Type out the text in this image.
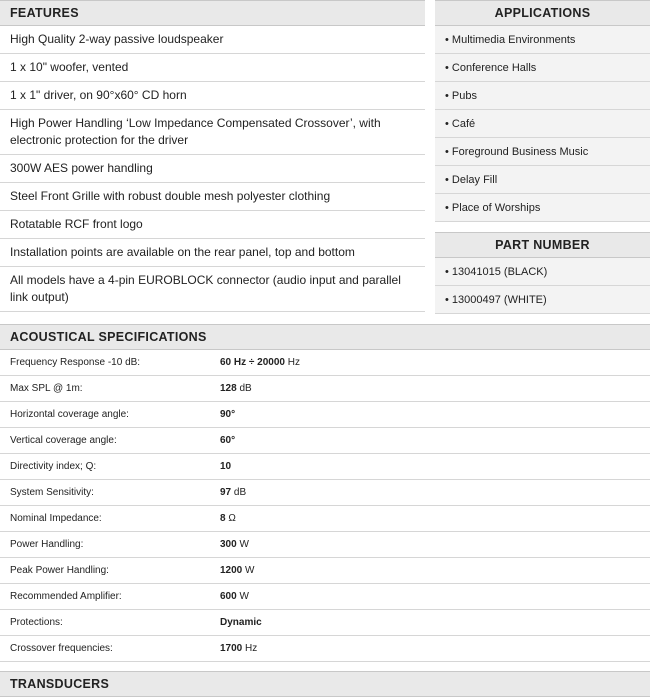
FEATURES
High Quality 2-way passive loudspeaker
1 x 10" woofer, vented
1 x 1" driver, on 90°x60° CD horn
High Power Handling ‘Low Impedance Compensated Crossover’, with electronic protection for the driver
300W AES power handling
Steel Front Grille with robust double mesh polyester clothing
Rotatable RCF front logo
Installation points are available on the rear panel, top and bottom
All models have a 4-pin EUROBLOCK connector (audio input and parallel link output)
APPLICATIONS
• Multimedia Environments
• Conference Halls
• Pubs
• Café
• Foreground Business Music
• Delay Fill
• Place of Worships
PART NUMBER
• 13041015 (BLACK)
• 13000497 (WHITE)
ACOUSTICAL SPECIFICATIONS
Frequency Response -10 dB:	60 Hz ÷ 20000 Hz
Max SPL @ 1m:	128 dB
Horizontal coverage angle:	90°
Vertical coverage angle:	60°
Directivity index; Q:	10
System Sensitivity:	97 dB
Nominal Impedance:	8 Ω
Power Handling:	300 W
Peak Power Handling:	1200 W
Recommended Amplifier:	600 W
Protections:	Dynamic
Crossover frequencies:	1700 Hz
TRANSDUCERS
